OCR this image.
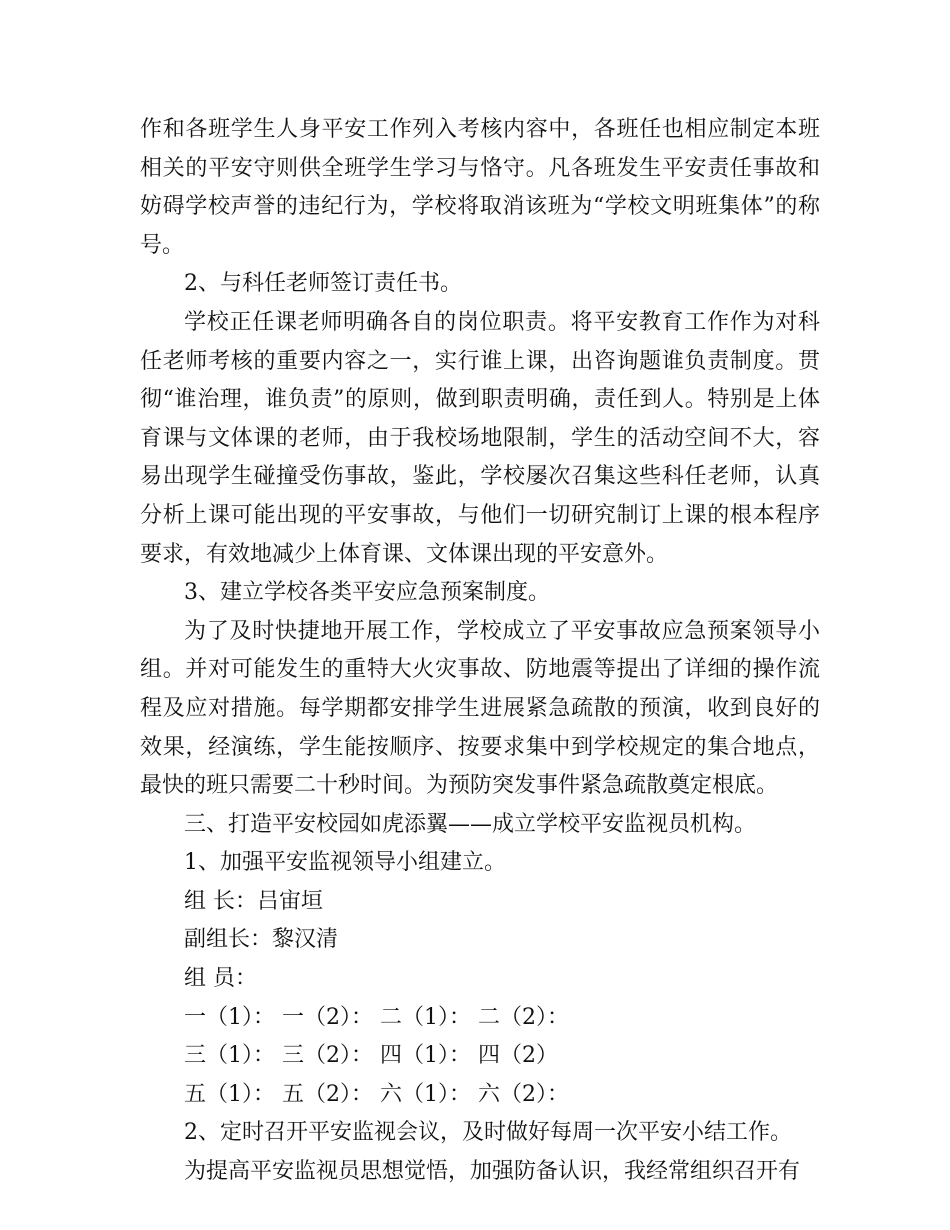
作和各班学生人身平安工作列入考核内容中，各班任也相应制定本班相关的平安守则供全班学生学习与恪守。凡各班发生平安责任事故和妨碍学校声誉的违纪行为，学校将取消该班为“学校文明班集体”的称号。

2、与科任老师签订责任书。

学校正任课老师明确各自的岗位职责。将平安教育工作作为对科任老师考核的重要内容之一，实行谁上课，出咨询题谁负责制度。贯彻“谁治理，谁负责”的原则，做到职责明确，责任到人。特别是上体育课与文体课的老师，由于我校场地限制，学生的活动空间不大，容易出现学生碰撞受伤事故，鉴此，学校屡次召集这些科任老师，认真分析上课可能出现的平安事故，与他们一切研究制订上课的根本程序要求，有效地减少上体育课、文体课出现的平安意外。

3、建立学校各类平安应急预案制度。

为了及时快捷地开展工作，学校成立了平安事故应急预案领导小组。并对可能发生的重特大火灾事故、防地震等提出了详细的操作流程及应对措施。每学期都安排学生进展紧急疏散的预演，收到良好的效果，经演练，学生能按顺序、按要求集中到学校规定的集合地点，最快的班只需要二十秒时间。为预防突发事件紧急疏散奠定根底。

三、打造平安校园如虎添翼——成立学校平安监视员机构。

1、加强平安监视领导小组建立。

组 长：吕宙垣

副组长：黎汉清

组 员：

一（1）： 一（2）： 二（1）： 二（2）：

三（1）： 三（2）： 四（1）： 四（2）

五（1）： 五（2）： 六（1）： 六（2）：

2、定时召开平安监视会议，及时做好每周一次平安小结工作。

为提高平安监视员思想觉悟，加强防备认识，我经常组织召开有
